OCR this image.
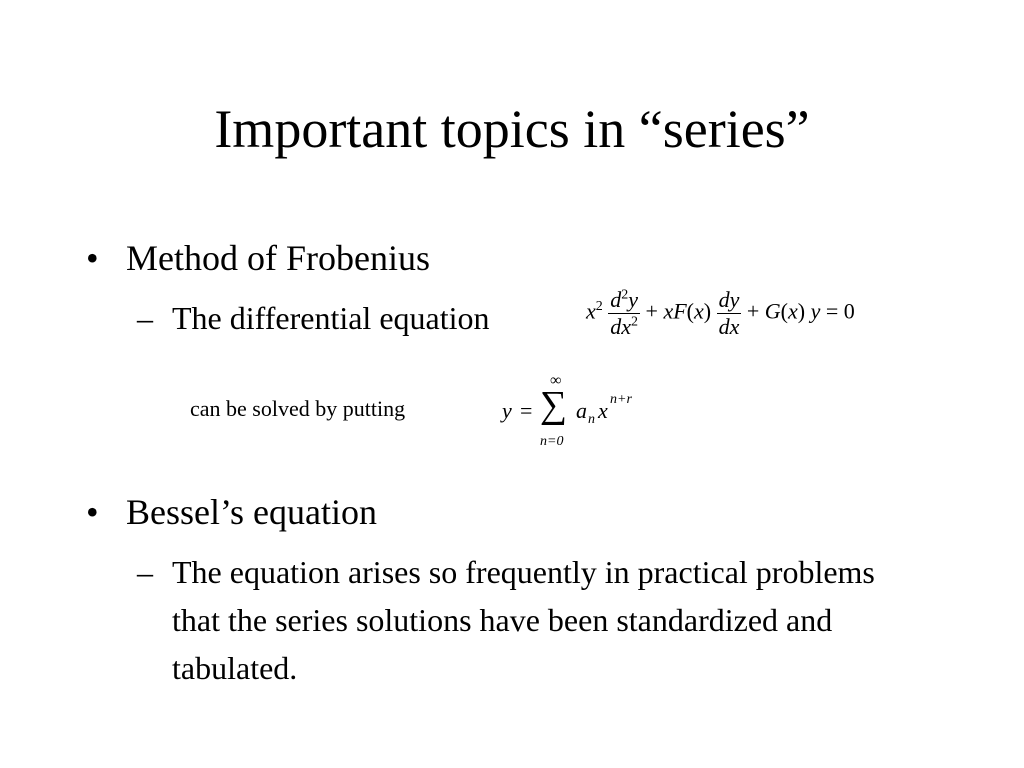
Important topics in “series”
• Method of Frobenius
– The differential equation	$x^2 \frac{d^2y}{dx^2} + xF(x) \frac{dy}{dx} + G(x) y = 0$
can be solved by putting	y =
∞
∑
n=0
a n x n+r
• Bessel’s equation
– The equation arises so frequently in practical problems that the series solutions have been standardized and tabulated.
